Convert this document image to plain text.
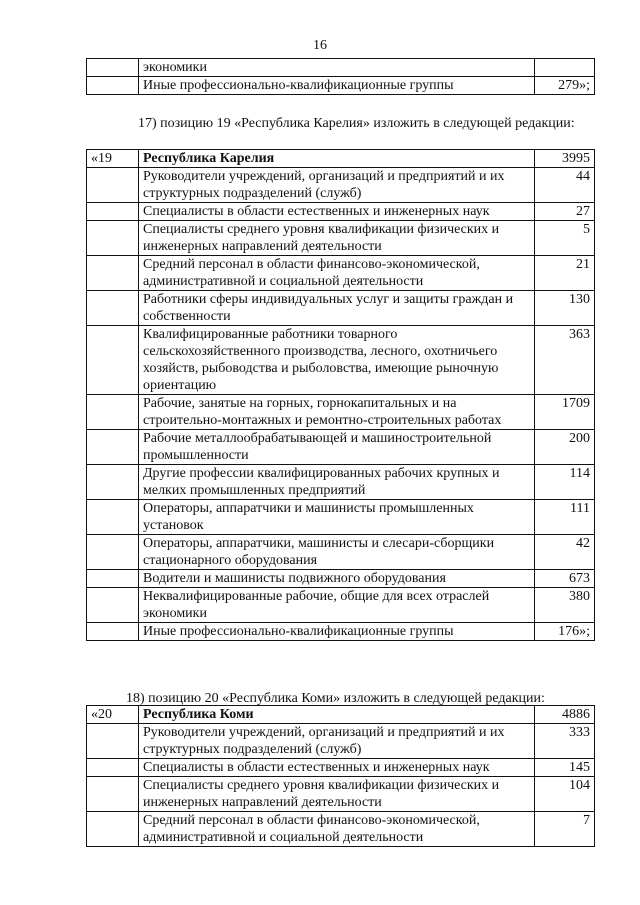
16
	экономики	
	Иные профессионально-квалификационные группы	279»;
17) позицию 19 «Республика Карелия» изложить в следующей редакции:
«19	Республика Карелия	3995
	Руководители учреждений, организаций и предприятий и их структурных подразделений (служб)	44
	Специалисты в области естественных и инженерных наук	27
	Специалисты среднего уровня квалификации физических и инженерных направлений деятельности	5
	Средний персонал в области финансово-экономической, административной и социальной деятельности	21
	Работники сферы индивидуальных услуг и защиты граждан и собственности	130
	Квалифицированные работники товарного сельскохозяйственного производства, лесного, охотничьего хозяйств, рыбоводства и рыболовства, имеющие рыночную ориентацию	363
	Рабочие, занятые на горных, горнокапитальных и на строительно-монтажных и ремонтно-строительных работах	1709
	Рабочие металлообрабатывающей и машиностроительной промышленности	200
	Другие профессии квалифицированных рабочих крупных и мелких промышленных предприятий	114
	Операторы, аппаратчики и машинисты промышленных установок	111
	Операторы, аппаратчики, машинисты и слесари-сборщики стационарного оборудования	42
	Водители и машинисты подвижного оборудования	673
	Неквалифицированные рабочие, общие для всех отраслей экономики	380
	Иные профессионально-квалификационные группы	176»;
18) позицию 20 «Республика Коми» изложить в следующей редакции:
«20	Республика Коми	4886
	Руководители учреждений, организаций и предприятий и их структурных подразделений (служб)	333
	Специалисты в области естественных и инженерных наук	145
	Специалисты среднего уровня квалификации физических и инженерных направлений деятельности	104
	Средний персонал в области финансово-экономической, административной и социальной деятельности	7
